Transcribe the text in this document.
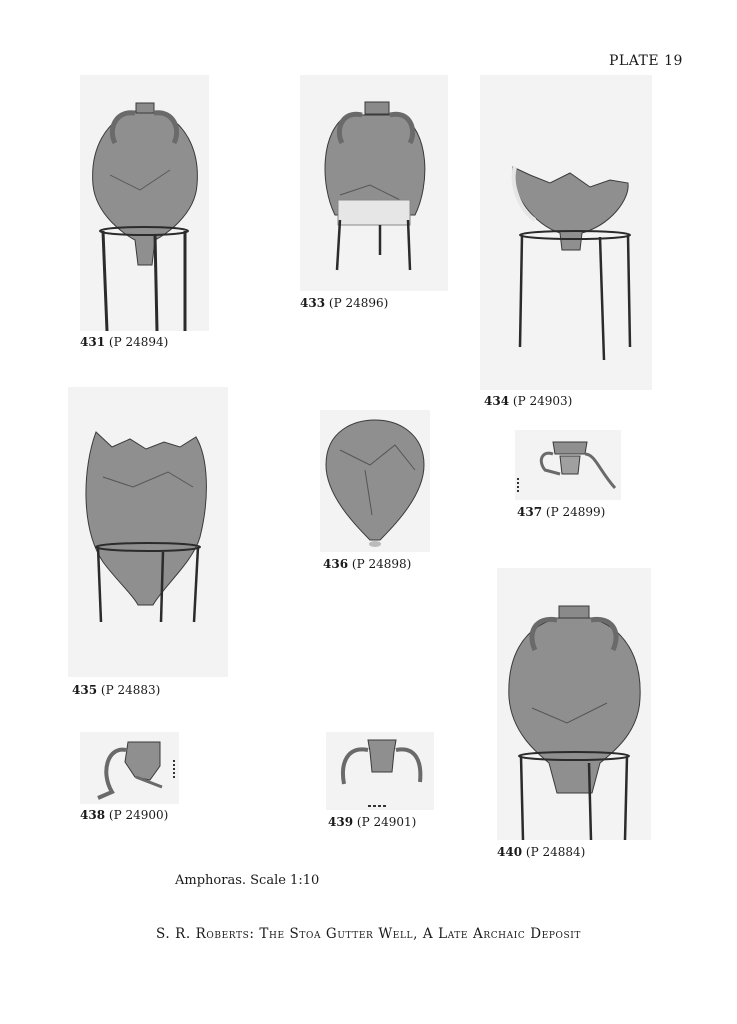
PLATE 19
431 (P 24894)
433 (P 24896)
434 (P 24903)
435 (P 24883)
436 (P 24898)
437 (P 24899)
438 (P 24900)	439 (P 24901)
440 (P 24884)
Amphoras. Scale 1:10
S. R. Roberts: The Stoa Gutter Well, A Late Archaic Deposit
